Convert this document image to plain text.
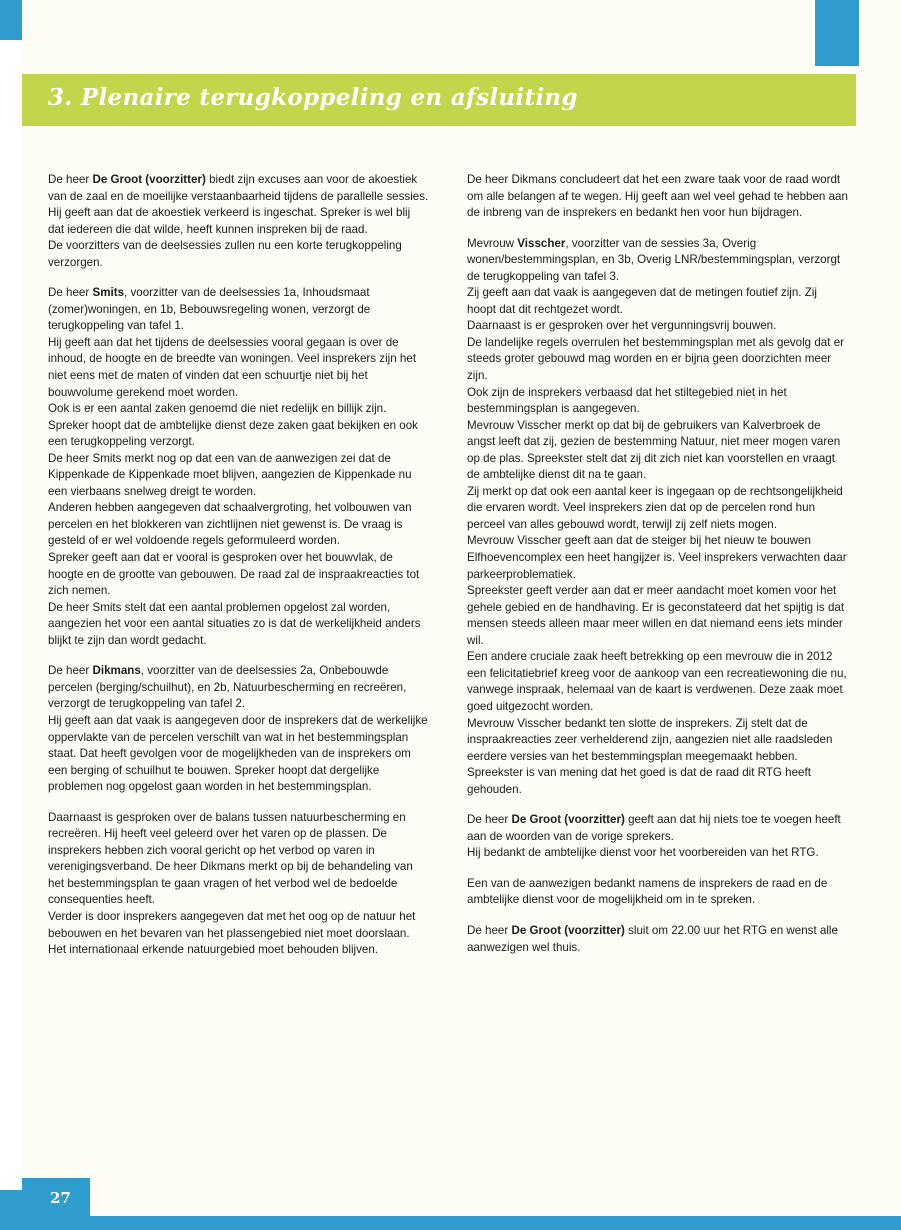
3. Plenaire terugkoppeling en afsluiting

De heer De Groot (voorzitter) biedt zijn excuses aan voor de akoestiek van de zaal en de moeilijke verstaanbaarheid tijdens de parallelle sessies. Hij geeft aan dat de akoestiek verkeerd is ingeschat. Spreker is wel blij dat iedereen die dat wilde, heeft kunnen inspreken bij de raad.

De voorzitters van de deelsessies zullen nu een korte terugkoppeling verzorgen.

De heer Smits, voorzitter van de deelsessies 1a, Inhoudsmaat (zomer)woningen, en 1b, Bebouwsregeling wonen, verzorgt de terugkoppeling van tafel 1.

Hij geeft aan dat het tijdens de deelsessies vooral gegaan is over de inhoud, de hoogte en de breedte van woningen. Veel insprekers zijn het niet eens met de maten of vinden dat een schuurtje niet bij het bouwvolume gerekend moet worden.

Ook is er een aantal zaken genoemd die niet redelijk en billijk zijn. Spreker hoopt dat de ambtelijke dienst deze zaken gaat bekijken en ook een terugkoppeling verzorgt.

De heer Smits merkt nog op dat een van de aanwezigen zei dat de Kippenkade de Kippenkade moet blijven, aangezien de Kippenkade nu een vierbaans snelweg dreigt te worden.

Anderen hebben aangegeven dat schaalvergroting, het volbouwen van percelen en het blokkeren van zichtlijnen niet gewenst is. De vraag is gesteld of er wel voldoende regels geformuleerd worden.

Spreker geeft aan dat er vooral is gesproken over het bouwvlak, de hoogte en de grootte van gebouwen. De raad zal de inspraakreacties tot zich nemen.

De heer Smits stelt dat een aantal problemen opgelost zal worden, aangezien het voor een aantal situaties zo is dat de werkelijkheid anders blijkt te zijn dan wordt gedacht.

De heer Dikmans, voorzitter van de deelsessies 2a, Onbebouwde percelen (berging/schuilhut), en 2b, Natuurbescherming en recreëren, verzorgt de terugkoppeling van tafel 2.

Hij geeft aan dat vaak is aangegeven door de insprekers dat de werkelijke oppervlakte van de percelen verschilt van wat in het bestemmingsplan staat. Dat heeft gevolgen voor de mogelijkheden van de insprekers om een berging of schuilhut te bouwen. Spreker hoopt dat dergelijke problemen nog opgelost gaan worden in het bestemmingsplan.

Daarnaast is gesproken over de balans tussen natuurbescherming en recreëren. Hij heeft veel geleerd over het varen op de plassen. De insprekers hebben zich vooral gericht op het verbod op varen in verenigingsverband. De heer Dikmans merkt op bij de behandeling van het bestemmingsplan te gaan vragen of het verbod wel de bedoelde consequenties heeft.

Verder is door insprekers aangegeven dat met het oog op de natuur het bebouwen en het bevaren van het plassengebied niet moet doorslaan. Het internationaal erkende natuurgebied moet behouden blijven.

De heer Dikmans concludeert dat het een zware taak voor de raad wordt om alle belangen af te wegen. Hij geeft aan wel veel gehad te hebben aan de inbreng van de insprekers en bedankt hen voor hun bijdragen.

Mevrouw Visscher, voorzitter van de sessies 3a, Overig wonen/bestemmingsplan, en 3b, Overig LNR/bestemmingsplan, verzorgt de terugkoppeling van tafel 3.

Zij geeft aan dat vaak is aangegeven dat de metingen foutief zijn. Zij hoopt dat dit rechtgezet wordt.

Daarnaast is er gesproken over het vergunningsvrij bouwen.

De landelijke regels overrulen het bestemmingsplan met als gevolg dat er steeds groter gebouwd mag worden en er bijna geen doorzichten meer zijn.

Ook zijn de insprekers verbaasd dat het stiltegebied niet in het bestemmingsplan is aangegeven.

Mevrouw Visscher merkt op dat bij de gebruikers van Kalverbroek de angst leeft dat zij, gezien de bestemming Natuur, niet meer mogen varen op de plas. Spreekster stelt dat zij dit zich niet kan voorstellen en vraagt de ambtelijke dienst dit na te gaan.

Zij merkt op dat ook een aantal keer is ingegaan op de rechtsongelijkheid die ervaren wordt. Veel insprekers zien dat op de percelen rond hun perceel van alles gebouwd wordt, terwijl zij zelf niets mogen.

Mevrouw Visscher geeft aan dat de steiger bij het nieuw te bouwen Elfhoevencomplex een heet hangijzer is. Veel insprekers verwachten daar parkeerproblematiek.

Spreekster geeft verder aan dat er meer aandacht moet komen voor het gehele gebied en de handhaving. Er is geconstateerd dat het spijtig is dat mensen steeds alleen maar meer willen en dat niemand eens iets minder wil.

Een andere cruciale zaak heeft betrekking op een mevrouw die in 2012 een felicitatiebrief kreeg voor de aankoop van een recreatiewoning die nu, vanwege inspraak, helemaal van de kaart is verdwenen. Deze zaak moet goed uitgezocht worden.

Mevrouw Visscher bedankt ten slotte de insprekers. Zij stelt dat de inspraakreacties zeer verhelderend zijn, aangezien niet alle raadsleden eerdere versies van het bestemmingsplan meegemaakt hebben. Spreekster is van mening dat het goed is dat de raad dit RTG heeft gehouden.

De heer De Groot (voorzitter) geeft aan dat hij niets toe te voegen heeft aan de woorden van de vorige sprekers.

Hij bedankt de ambtelijke dienst voor het voorbereiden van het RTG.

Een van de aanwezigen bedankt namens de insprekers de raad en de ambtelijke dienst voor de mogelijkheid om in te spreken.

De heer De Groot (voorzitter) sluit om 22.00 uur het RTG en wenst alle aanwezigen wel thuis.

27
